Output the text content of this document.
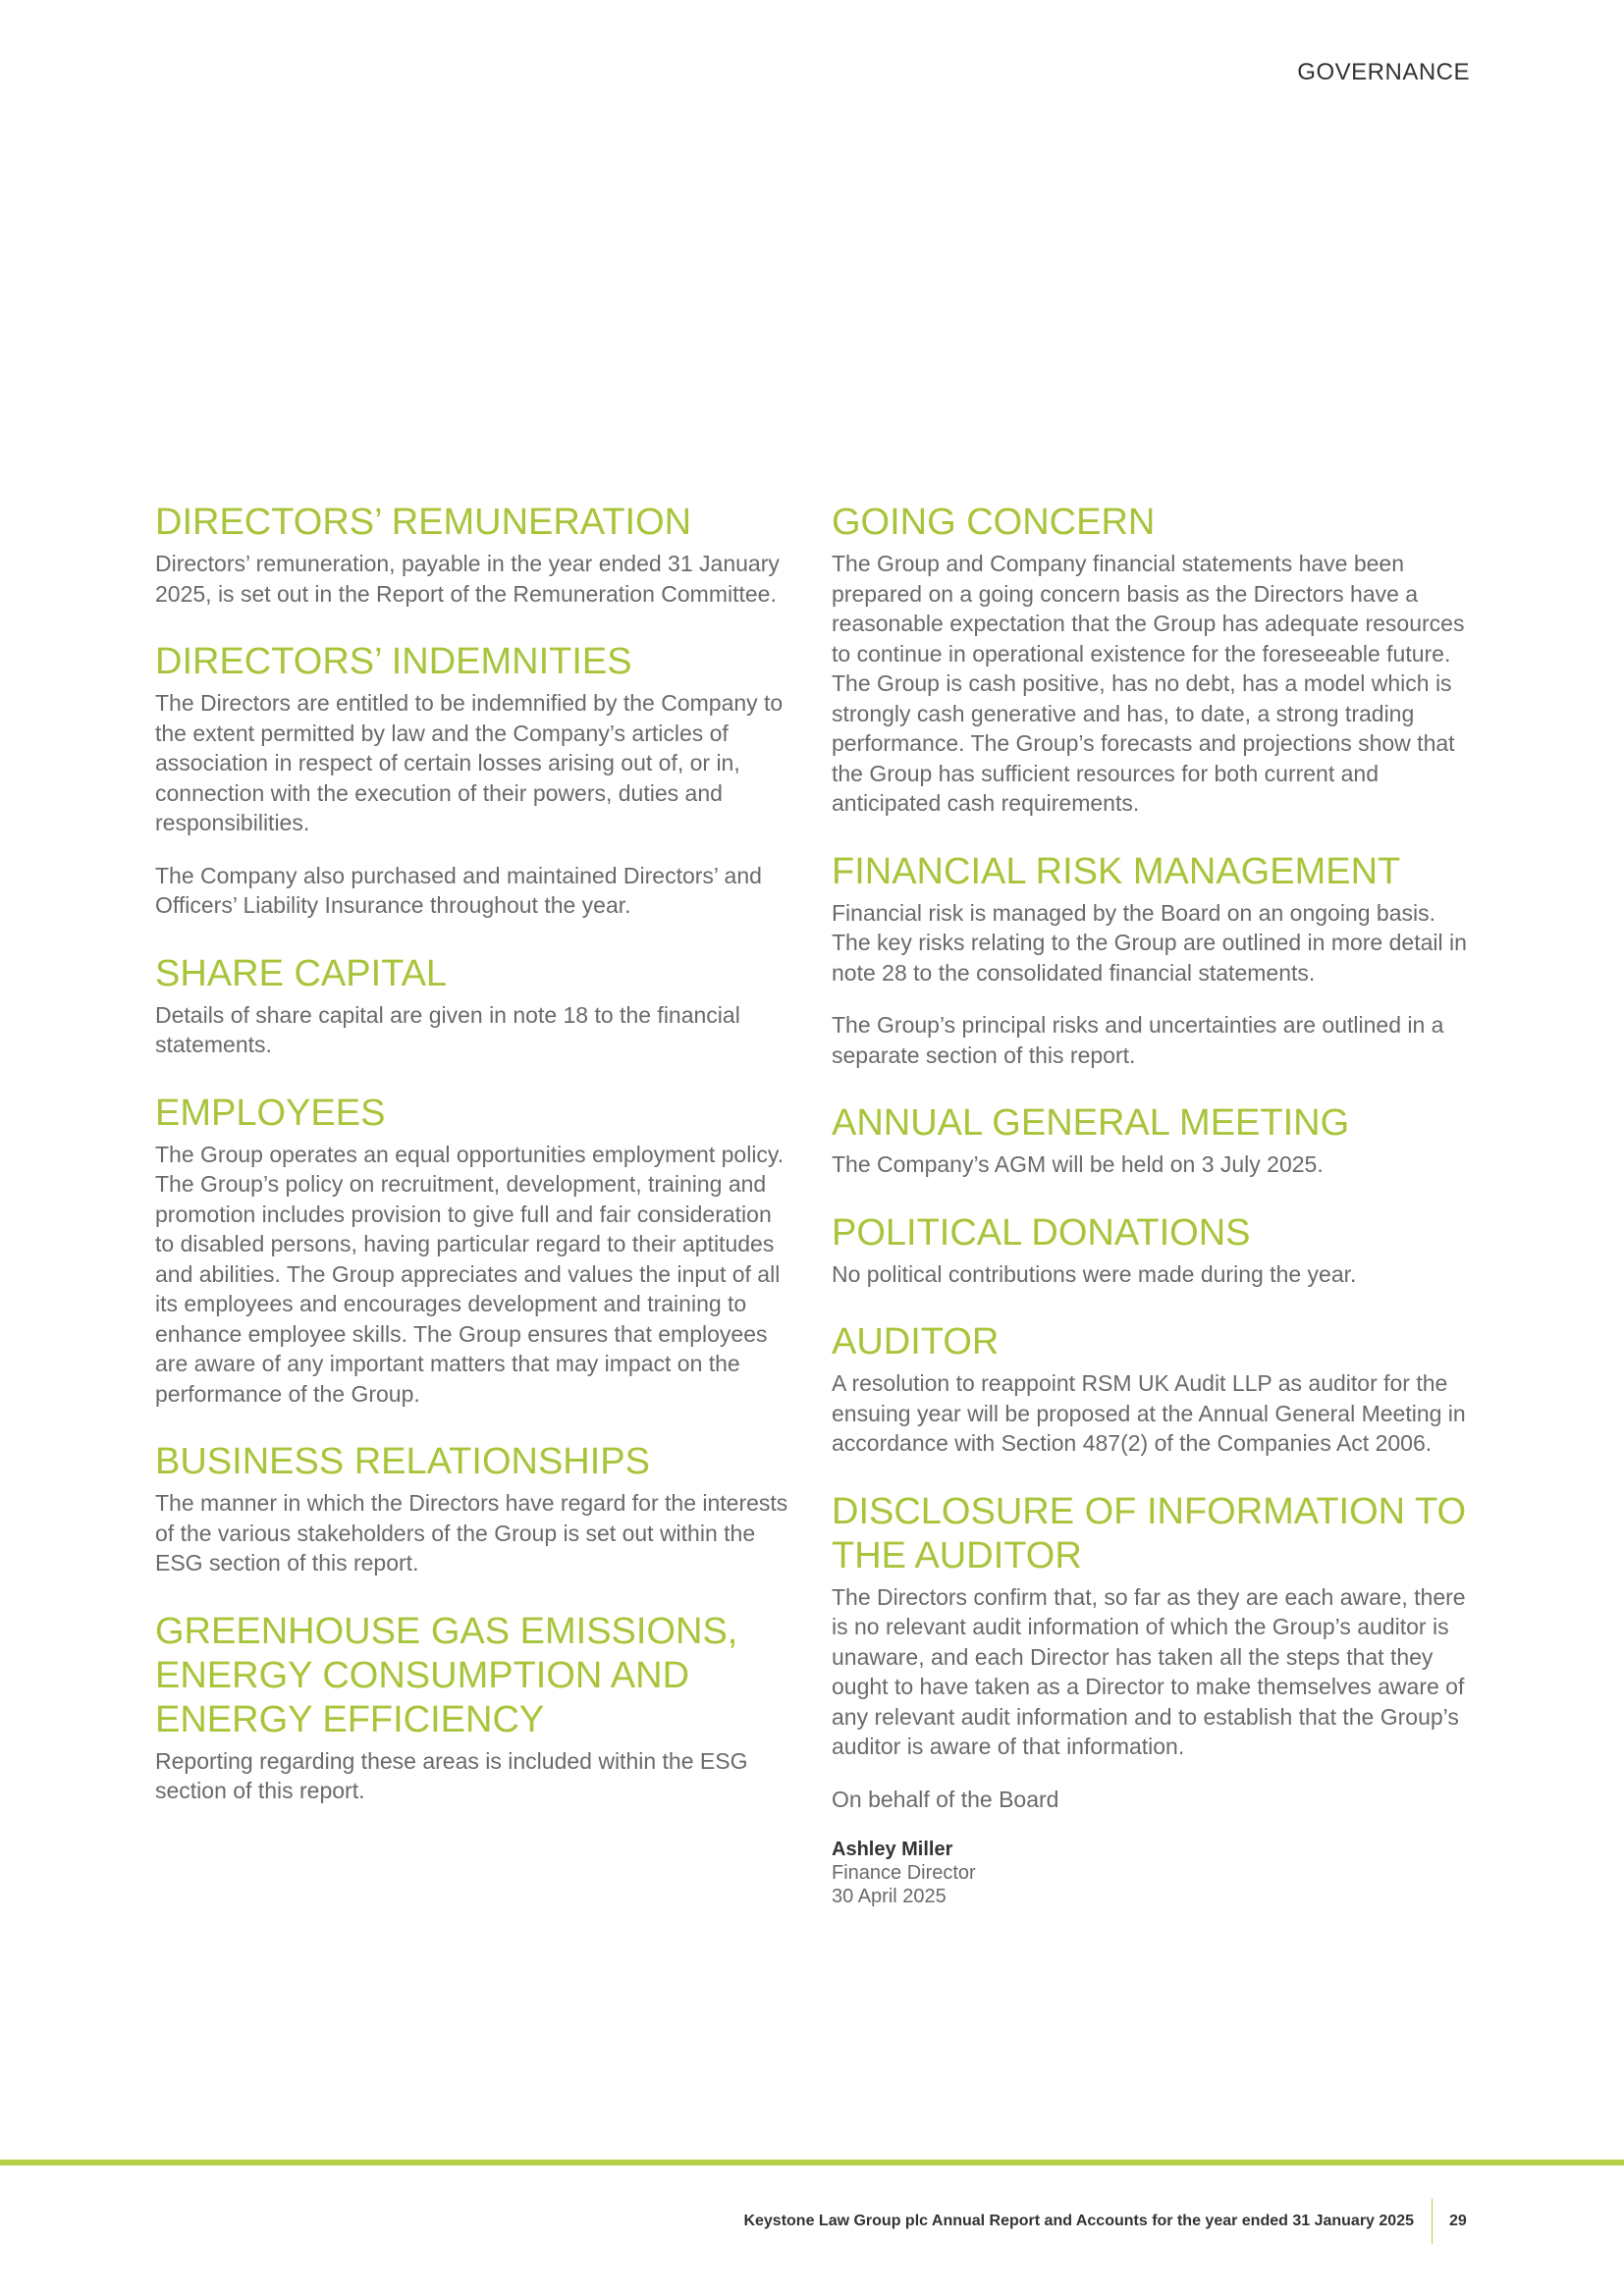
GOVERNANCE
DIRECTORS’ REMUNERATION

Directors’ remuneration, payable in the year ended 31 January 2025, is set out in the Report of the Remuneration Committee.

DIRECTORS’ INDEMNITIES

The Directors are entitled to be indemnified by the Company to the extent permitted by law and the Company’s articles of association in respect of certain losses arising out of, or in, connection with the execution of their powers, duties and responsibilities.

The Company also purchased and maintained Directors’ and Officers’ Liability Insurance throughout the year.

SHARE CAPITAL

Details of share capital are given in note 18 to the financial statements.

EMPLOYEES

The Group operates an equal opportunities employment policy. The Group’s policy on recruitment, development, training and promotion includes provision to give full and fair consideration to disabled persons, having particular regard to their aptitudes and abilities. The Group appreciates and values the input of all its employees and encourages development and training to enhance employee skills. The Group ensures that employees are aware of any important matters that may impact on the performance of the Group.

BUSINESS RELATIONSHIPS

The manner in which the Directors have regard for the interests of the various stakeholders of the Group is set out within the ESG section of this report.

GREENHOUSE GAS EMISSIONS, ENERGY CONSUMPTION AND ENERGY EFFICIENCY

Reporting regarding these areas is included within the ESG section of this report.

GOING CONCERN

The Group and Company financial statements have been prepared on a going concern basis as the Directors have a reasonable expectation that the Group has adequate resources to continue in operational existence for the foreseeable future. The Group is cash positive, has no debt, has a model which is strongly cash generative and has, to date, a strong trading performance. The Group’s forecasts and projections show that the Group has sufficient resources for both current and anticipated cash requirements.

FINANCIAL RISK MANAGEMENT

Financial risk is managed by the Board on an ongoing basis. The key risks relating to the Group are outlined in more detail in note 28 to the consolidated financial statements.

The Group’s principal risks and uncertainties are outlined in a separate section of this report.

ANNUAL GENERAL MEETING

The Company’s AGM will be held on 3 July 2025.

POLITICAL DONATIONS

No political contributions were made during the year.

AUDITOR

A resolution to reappoint RSM UK Audit LLP as auditor for the ensuing year will be proposed at the Annual General Meeting in accordance with Section 487(2) of the Companies Act 2006.

DISCLOSURE OF INFORMATION TO THE AUDITOR

The Directors confirm that, so far as they are each aware, there is no relevant audit information of which the Group’s auditor is unaware, and each Director has taken all the steps that they ought to have taken as a Director to make themselves aware of any relevant audit information and to establish that the Group’s auditor is aware of that information.

On behalf of the Board

Ashley Miller
Finance Director
30 April 2025
Keystone Law Group plc Annual Report and Accounts for the year ended 31 January 2025 29
